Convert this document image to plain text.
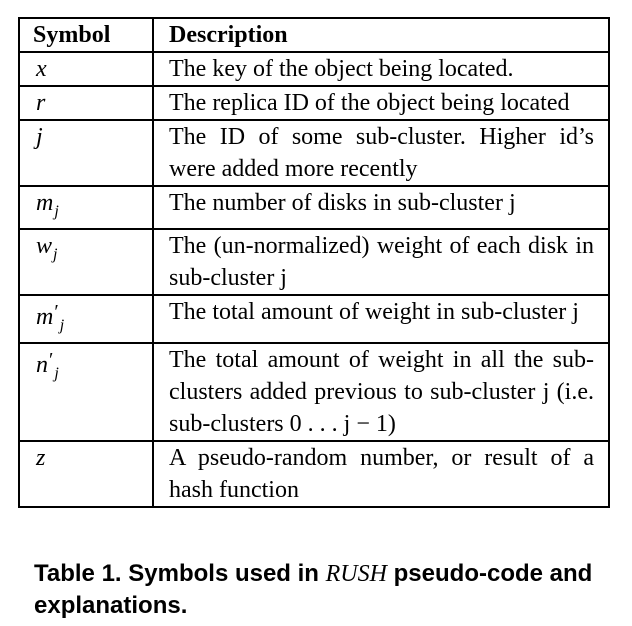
Symbol	Description
x	The key of the object being located.
r	The replica ID of the object being located
j	The ID of some sub-cluster. Higher id’s were added more recently
$m_j$	The number of disks in sub-cluster j
$w_j$	The (un-normalized) weight of each disk in sub-cluster j
$m'_j$	The total amount of weight in sub-cluster j
$n'_j$	The total amount of weight in all the sub-clusters added previous to sub-cluster j (i.e. sub-clusters 0 . . . j − 1)
z	A pseudo-random number, or result of a hash function
Table 1. Symbols used in RUSH pseudo-code and explanations.
